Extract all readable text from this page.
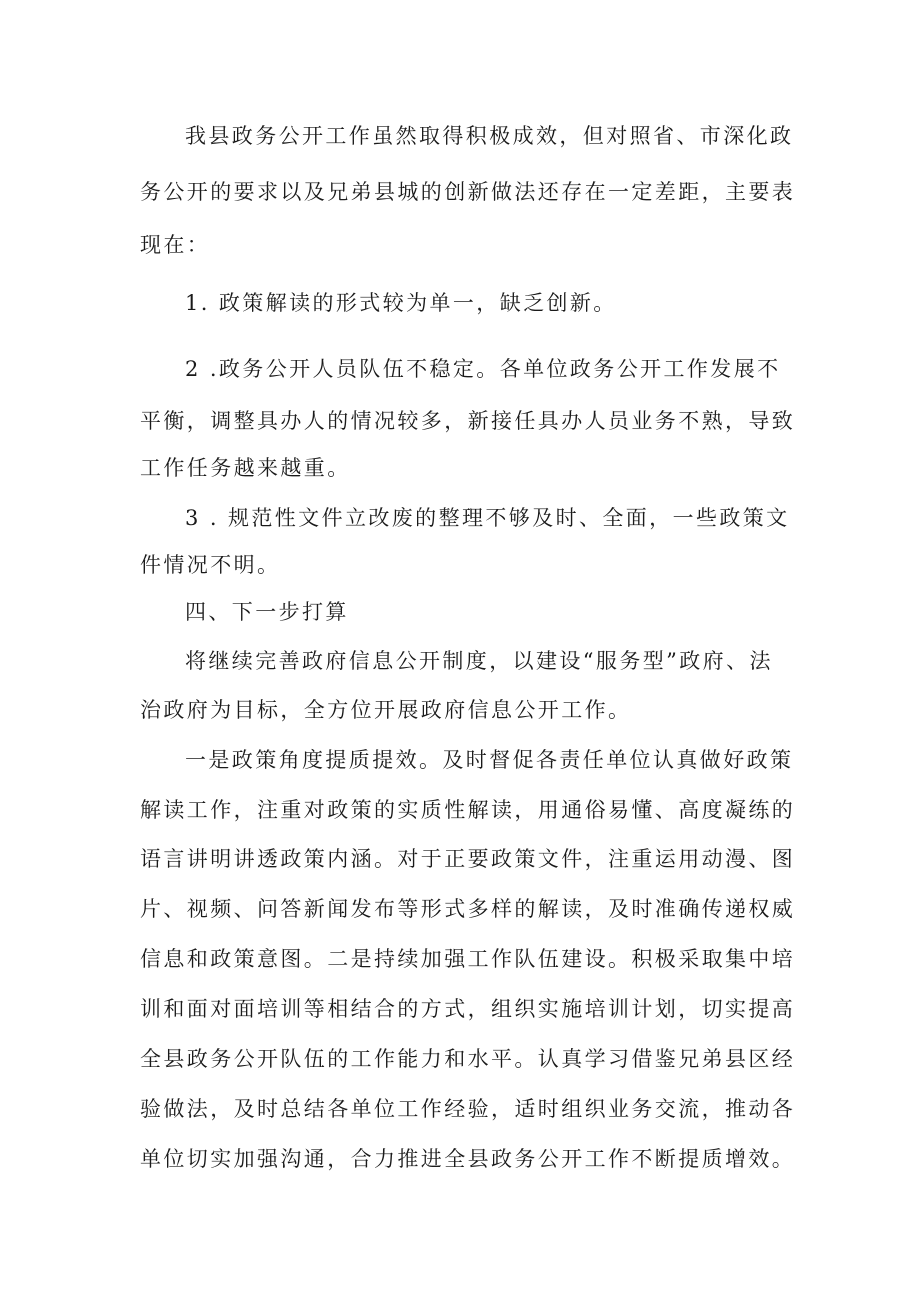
我县政务公开工作虽然取得积极成效，但对照省、市深化政

务公开的要求以及兄弟县城的创新做法还存在一定差距，主要表

现在：

1. 政策解读的形式较为单一，缺乏创新。

2 .政务公开人员队伍不稳定。各单位政务公开工作发展不

平衡，调整具办人的情况较多，新接任具办人员业务不熟，导致

工作任务越来越重。

3 . 规范性文件立改废的整理不够及时、全面，一些政策文

件情况不明。

四、下一步打算

将继续完善政府信息公开制度，以建设“服务型”政府、法

治政府为目标，全方位开展政府信息公开工作。

一是政策角度提质提效。及时督促各责任单位认真做好政策

解读工作，注重对政策的实质性解读，用通俗易懂、高度凝练的

语言讲明讲透政策内涵。对于正要政策文件，注重运用动漫、图

片、视频、问答新闻发布等形式多样的解读，及时准确传递权威

信息和政策意图。二是持续加强工作队伍建设。积极采取集中培

训和面对面培训等相结合的方式，组织实施培训计划，切实提高

全县政务公开队伍的工作能力和水平。认真学习借鉴兄弟县区经

验做法，及时总结各单位工作经验，适时组织业务交流，推动各

单位切实加强沟通，合力推进全县政务公开工作不断提质增效。
